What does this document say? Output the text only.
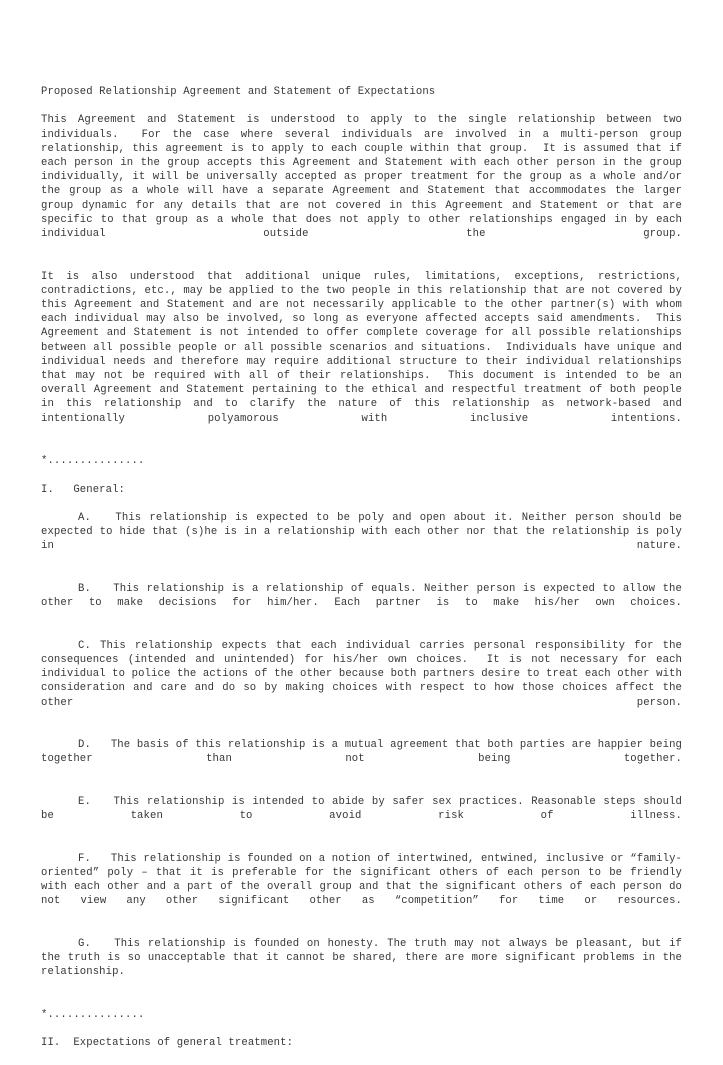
Proposed Relationship Agreement and Statement of Expectations

This Agreement and Statement is understood to apply to the single relationship between two individuals.  For the case where several individuals are involved in a multi-person group relationship, this agreement is to apply to each couple within that group.  It is assumed that if each person in the group accepts this Agreement and Statement with each other person in the group individually, it will be universally accepted as proper treatment for the group as a whole and/or the group as a whole will have a separate Agreement and Statement that accommodates the larger group dynamic for any details that are not covered in this Agreement and Statement or that are specific to that group as a whole that does not apply to other relationships engaged in by each individual outside the group.

It is also understood that additional unique rules, limitations, exceptions, restrictions, contradictions, etc., may be applied to the two people in this relationship that are not covered by this Agreement and Statement and are not necessarily applicable to the other partner(s) with whom each individual may also be involved, so long as everyone affected accepts said amendments.  This Agreement and Statement is not intended to offer complete coverage for all possible relationships between all possible people or all possible scenarios and situations.  Individuals have unique and individual needs and therefore may require additional structure to their individual relationships that may not be required with all of their relationships.  This document is intended to be an overall Agreement and Statement pertaining to the ethical and respectful treatment of both people in this relationship and to clarify the nature of this relationship as network-based and intentionally polyamorous with inclusive intentions.

*...............

I.   General:

A.   This relationship is expected to be poly and open about it. Neither person should be expected to hide that (s)he is in a relationship with each other nor that the relationship is poly in nature.

B.   This relationship is a relationship of equals. Neither person is expected to allow the other to make decisions for him/her. Each partner is to make his/her own choices.

C. This relationship expects that each individual carries personal responsibility for the consequences (intended and unintended) for his/her own choices.  It is not necessary for each individual to police the actions of the other because both partners desire to treat each other with consideration and care and do so by making choices with respect to how those choices affect the other person.

D.   The basis of this relationship is a mutual agreement that both parties are happier being together than not being together.

E.   This relationship is intended to abide by safer sex practices. Reasonable steps should be taken to avoid risk of illness.

F.   This relationship is founded on a notion of intertwined, entwined, inclusive or “family-oriented” poly – that it is preferable for the significant others of each person to be friendly with each other and a part of the overall group and that the significant others of each person do not view any other significant other as “competition” for time or resources.

G.   This relationship is founded on honesty. The truth may not always be pleasant, but if the truth is so unacceptable that it cannot be shared, there are more significant problems in the relationship.

*...............

II.  Expectations of general treatment:
